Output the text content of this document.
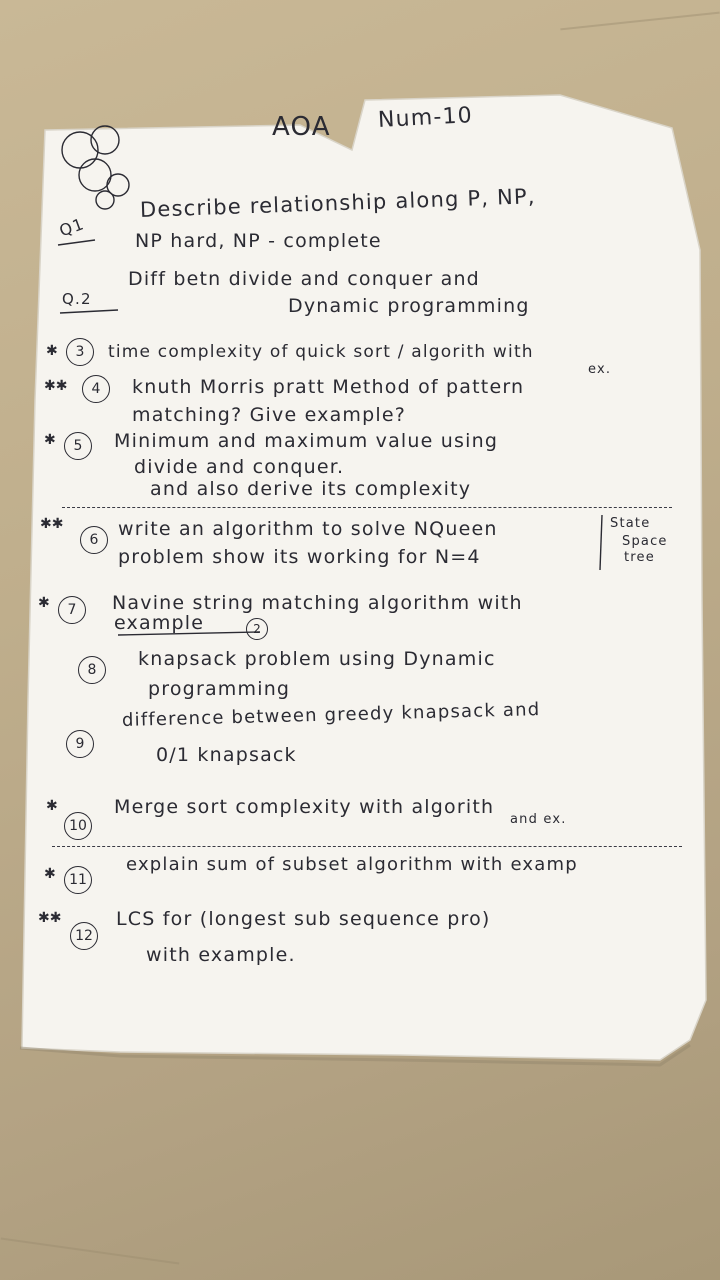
AOA Num-10
Q1
Describe relationship along P, NP,
NP hard, NP - complete
Q.2
Diff betn divide and conquer and
Dynamic programming
✱	3	time complexity of quick sort / algorith with
ex.
✱✱	4	knuth Morris pratt Method of pattern
matching? Give example?
✱	5	Minimum and maximum value using
divide and conquer.
and also derive its complexity
✱✱
6	write an algorithm to solve NQueen
problem show its working for N=4
State
Space
tree
✱	7	Navine string matching algorithm with
example	2
8	knapsack problem using Dynamic
programming
9
difference between greedy knapsack and
0/1 knapsack
✱
10
Merge sort complexity with algorith
and ex.
✱ 11
explain sum of subset algorithm with examp
✱✱
12
LCS for (longest sub sequence pro)
with example.
